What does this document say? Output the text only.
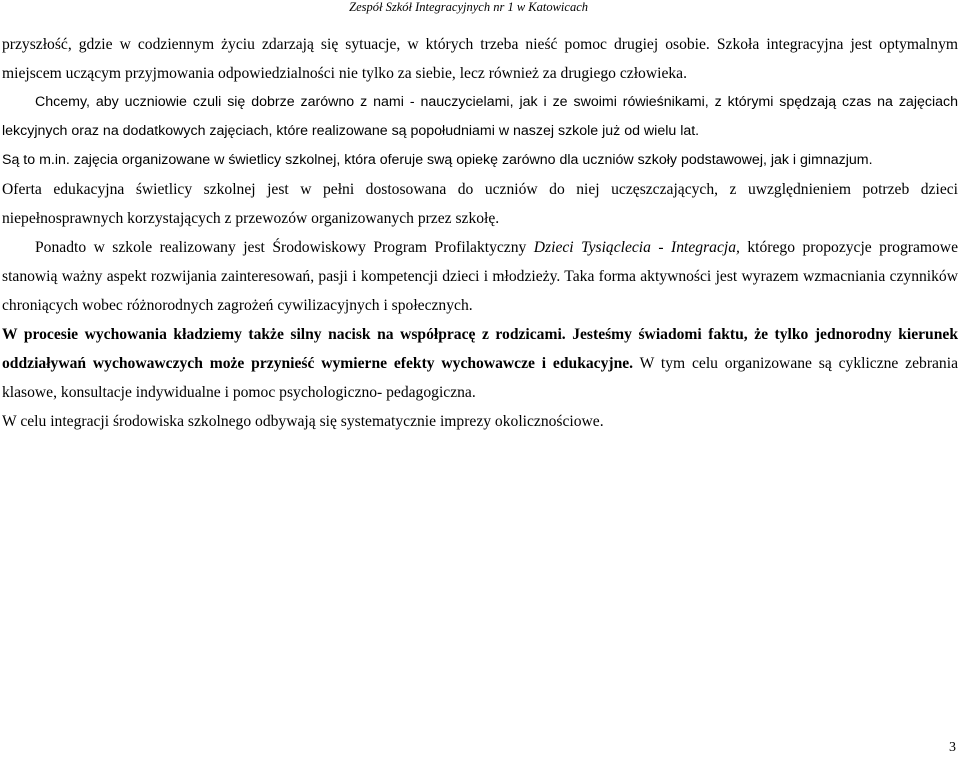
Zespół Szkół Integracyjnych nr 1 w Katowicach

przyszłość, gdzie w codziennym życiu zdarzają się sytuacje, w których trzeba nieść pomoc drugiej osobie. Szkoła integracyjna jest optymalnym miejscem uczącym przyjmowania odpowiedzialności nie tylko za siebie, lecz również za drugiego człowieka.

Chcemy, aby uczniowie czuli się dobrze zarówno z nami - nauczycielami, jak i ze swoimi rówieśnikami, z którymi spędzają czas na zajęciach lekcyjnych oraz na dodatkowych zajęciach, które realizowane są popołudniami w naszej szkole już od wielu lat.

Są to m.in. zajęcia organizowane w świetlicy szkolnej, która oferuje swą opiekę zarówno dla uczniów szkoły podstawowej, jak i gimnazjum.

Oferta edukacyjna świetlicy szkolnej jest w pełni dostosowana do uczniów do niej uczęszczających, z uwzględnieniem potrzeb dzieci niepełnosprawnych korzystających z przewozów organizowanych przez szkołę.

Ponadto w szkole realizowany jest Środowiskowy Program Profilaktyczny Dzieci Tysiąclecia - Integracja, którego propozycje programowe stanowią ważny aspekt rozwijania zainteresowań, pasji i kompetencji dzieci i młodzieży. Taka forma aktywności jest wyrazem wzmacniania czynników chroniących wobec różnorodnych zagrożeń cywilizacyjnych i społecznych.

W procesie wychowania kładziemy także silny nacisk na współpracę z rodzicami. Jesteśmy świadomi faktu, że tylko jednorodny kierunek oddziaływań wychowawczych może przynieść wymierne efekty wychowawcze i edukacyjne. W tym celu organizowane są cykliczne zebrania klasowe, konsultacje indywidualne i pomoc psychologiczno- pedagogiczna.

W celu integracji środowiska szkolnego odbywają się systematycznie imprezy okolicznościowe.

3
